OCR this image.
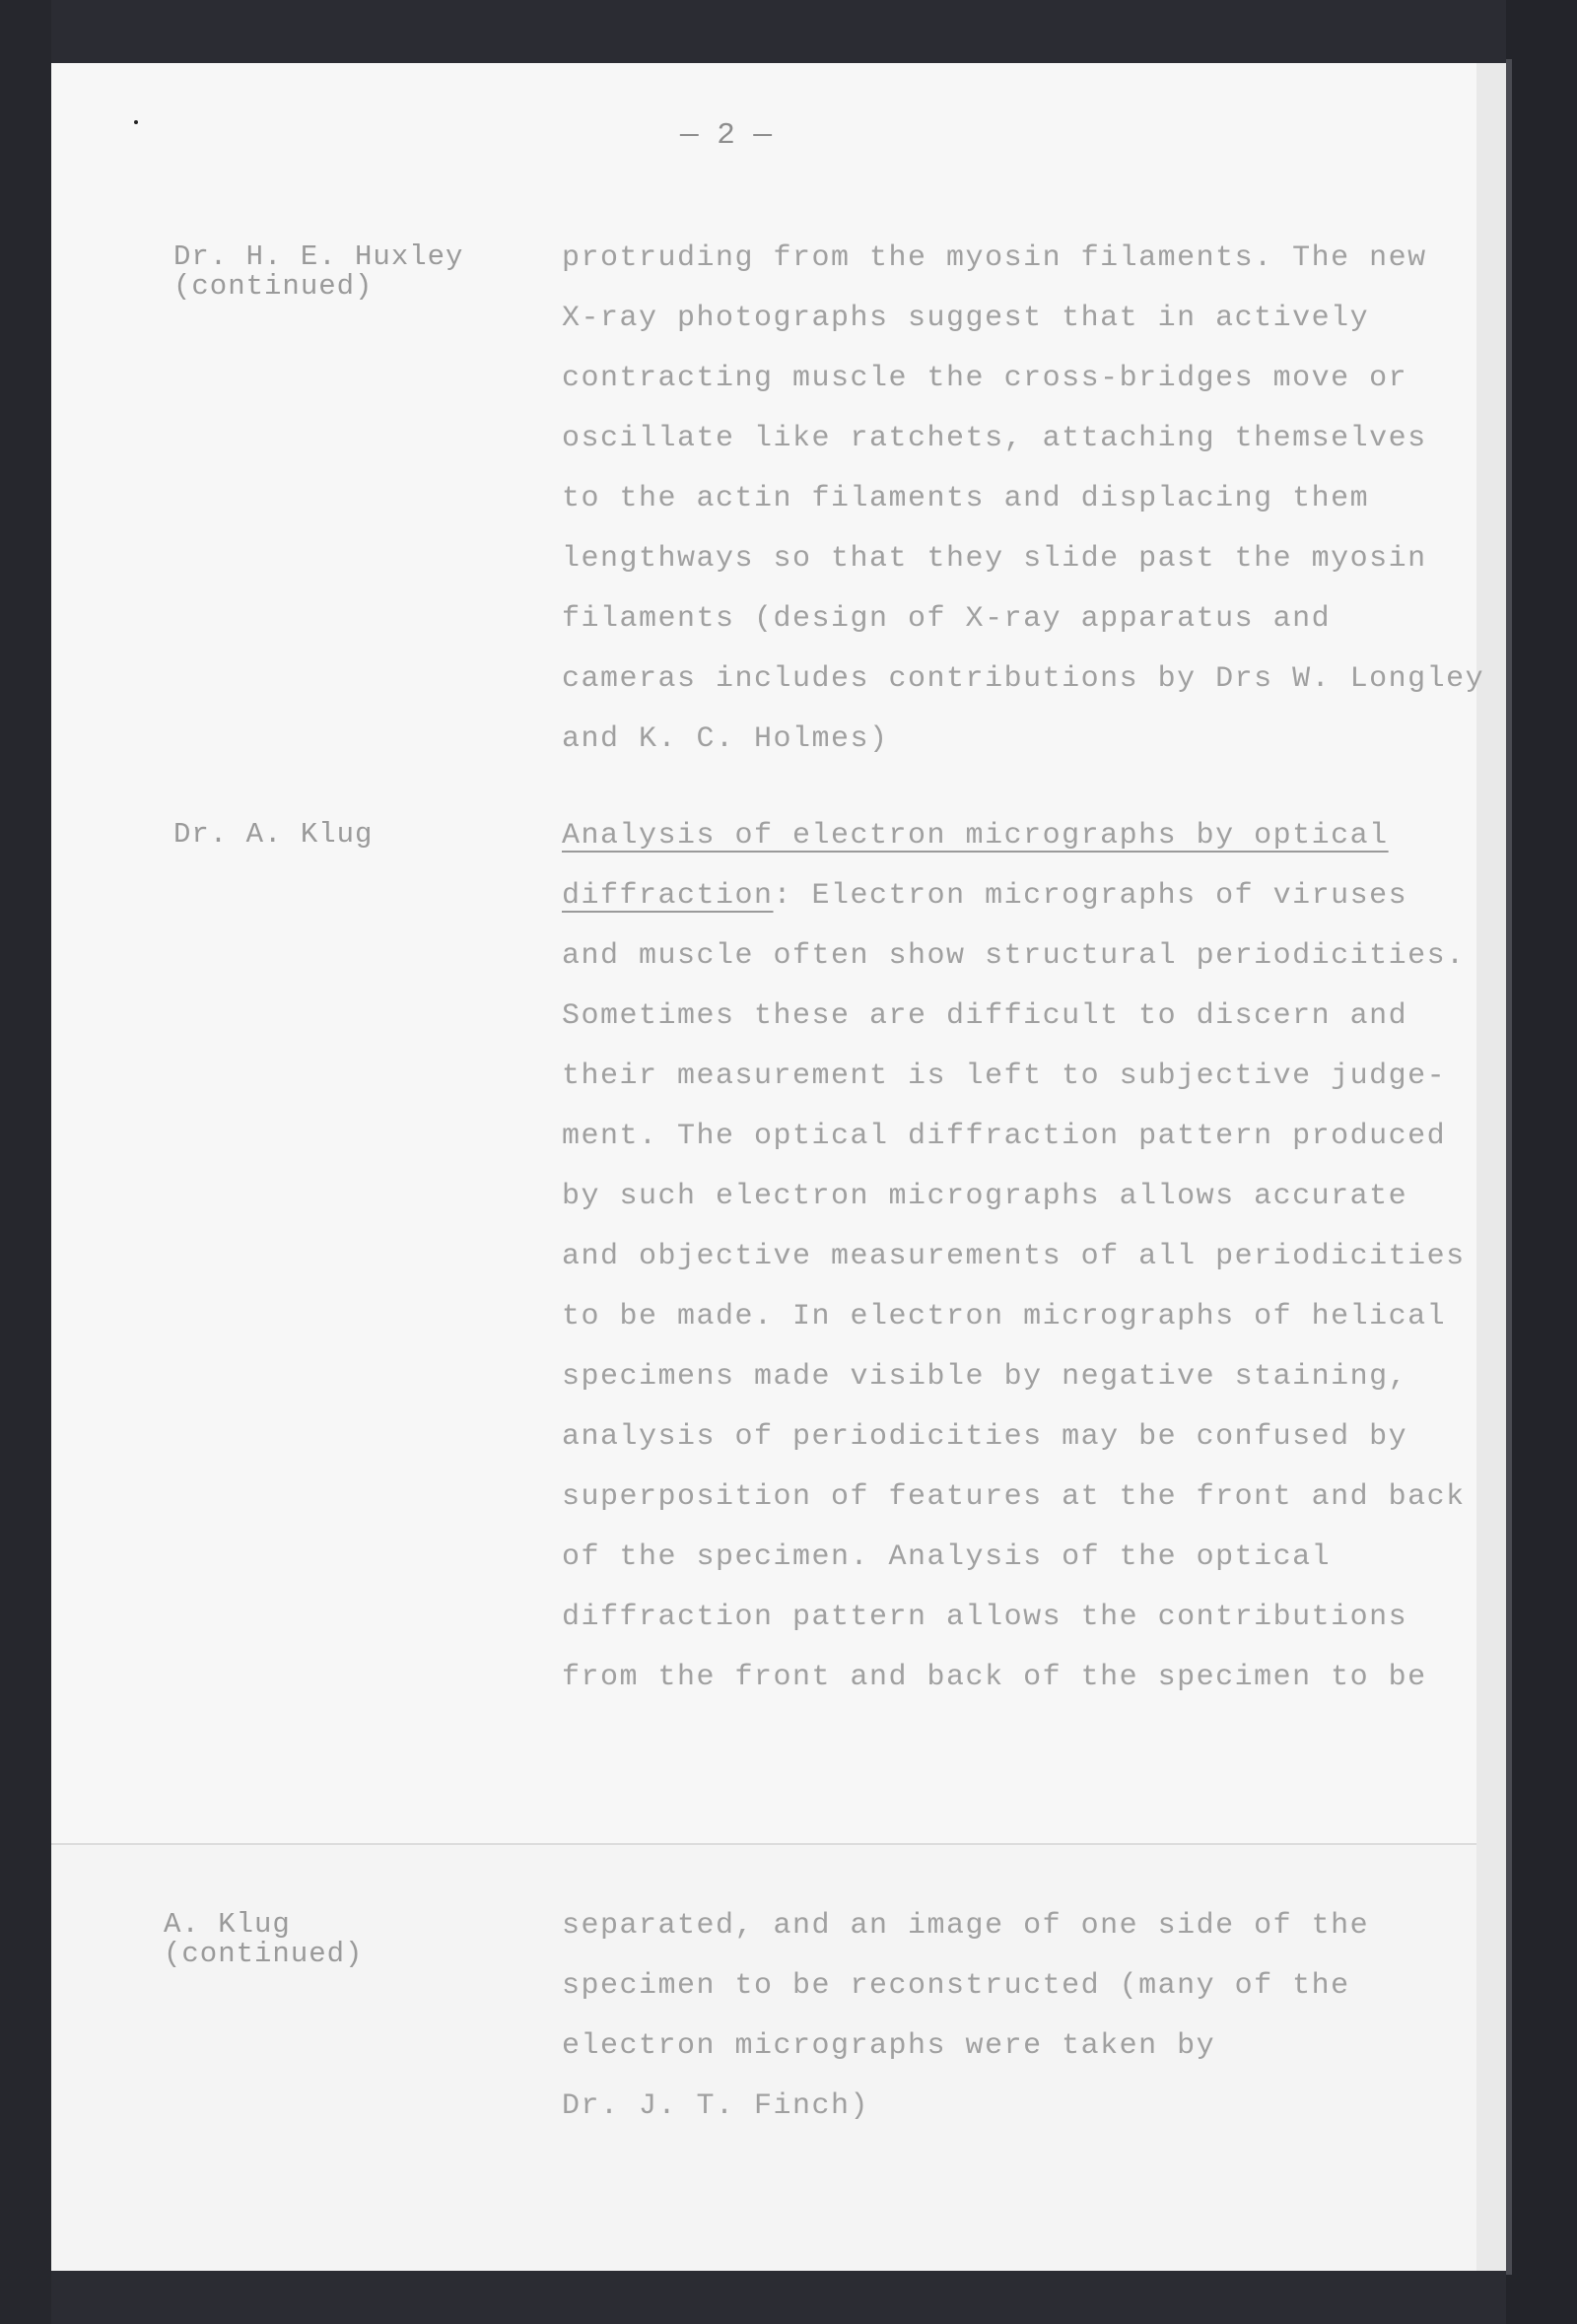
— 2 —
Dr. H. E. Huxley
(continued)
protruding from the myosin filaments. The new
X-ray photographs suggest that in actively
contracting muscle the cross-bridges move or
oscillate like ratchets, attaching themselves
to the actin filaments and displacing them
lengthways so that they slide past the myosin
filaments (design of X-ray apparatus and
cameras includes contributions by Drs W. Longley
and K. C. Holmes)
Dr. A. Klug	Analysis of electron micrographs by optical
diffraction: Electron micrographs of viruses
and muscle often show structural periodicities.
Sometimes these are difficult to discern and
their measurement is left to subjective judge-
ment. The optical diffraction pattern produced
by such electron micrographs allows accurate
and objective measurements of all periodicities
to be made. In electron micrographs of helical
specimens made visible by negative staining,
analysis of periodicities may be confused by
superposition of features at the front and back
of the specimen. Analysis of the optical
diffraction pattern allows the contributions
from the front and back of the specimen to be
A. Klug
(continued)
separated, and an image of one side of the
specimen to be reconstructed (many of the
electron micrographs were taken by
Dr. J. T. Finch)
